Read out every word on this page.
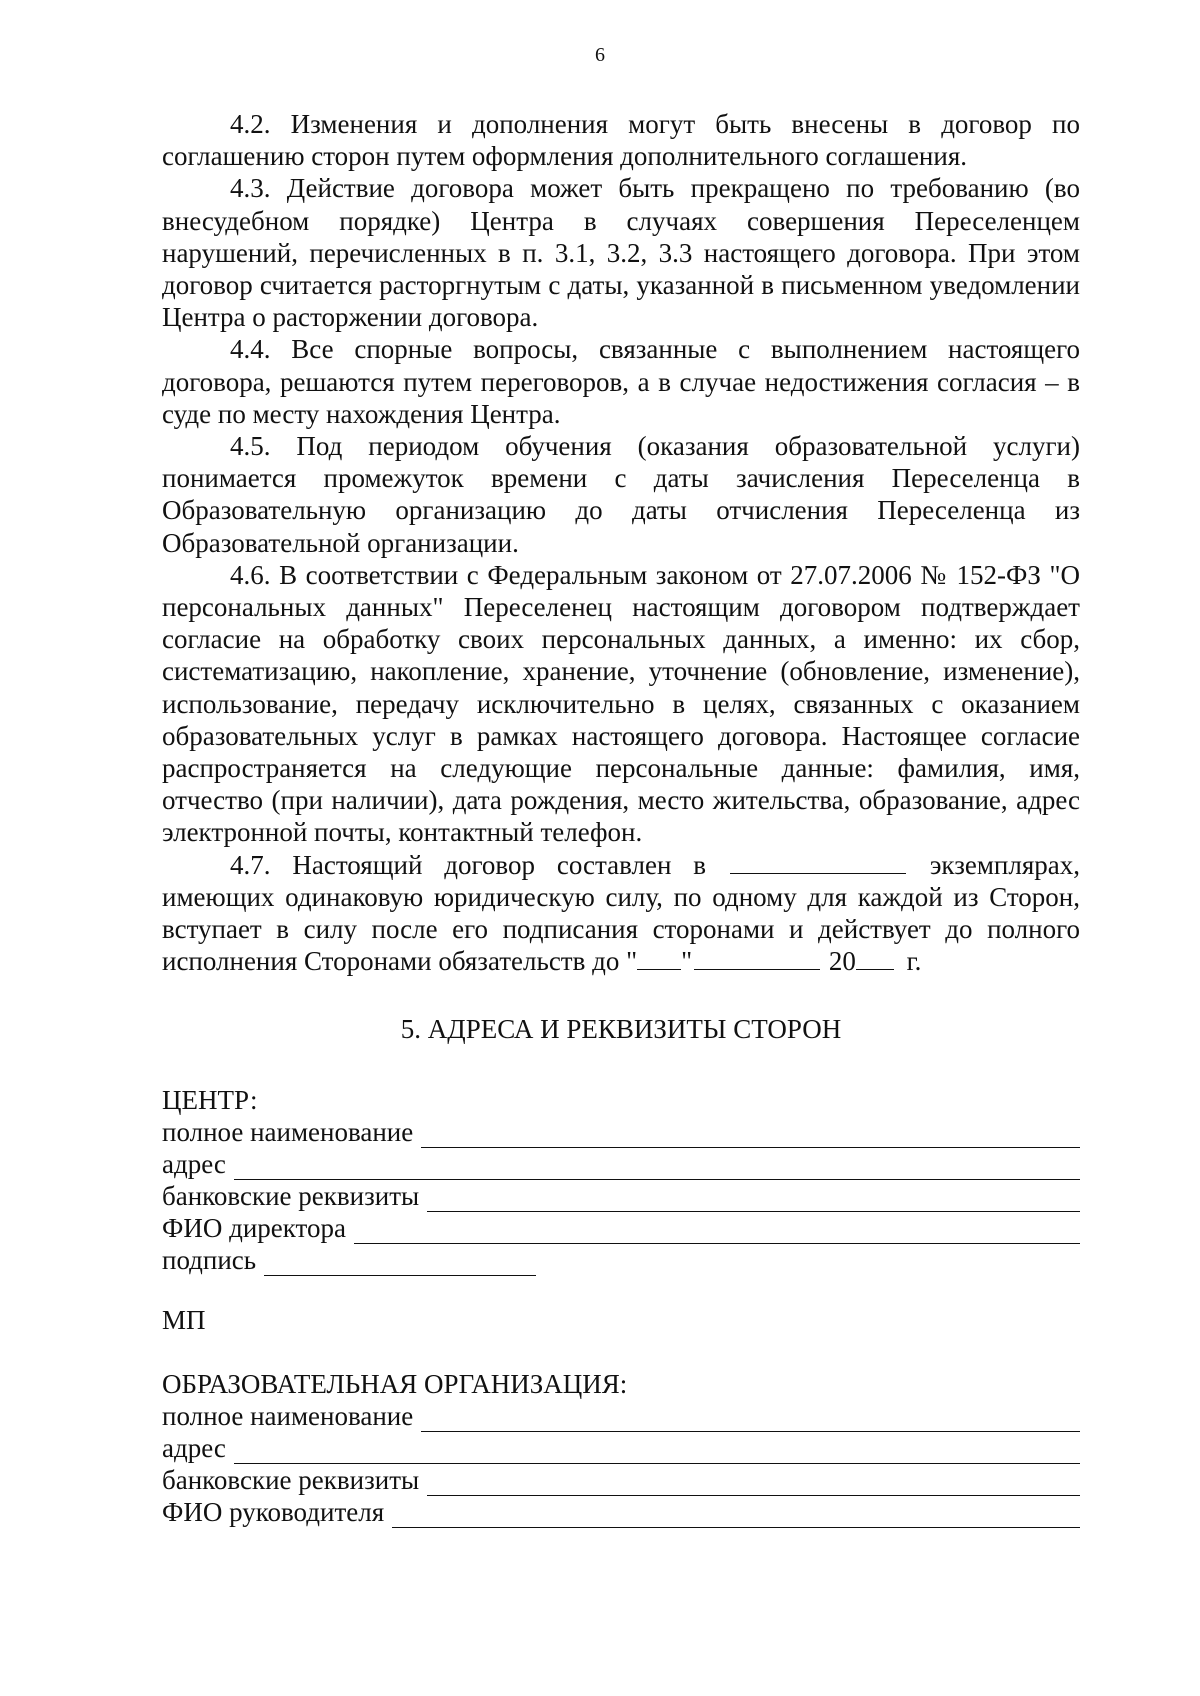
6

4.2. Изменения и дополнения могут быть внесены в договор по соглашению сторон путем оформления дополнительного соглашения.

4.3. Действие договора может быть прекращено по требованию (во внесудебном порядке) Центра в случаях совершения Переселенцем нарушений, перечисленных в п. 3.1, 3.2, 3.3 настоящего договора. При этом договор считается расторгнутым с даты, указанной в письменном уведомлении Центра о расторжении договора.

4.4. Все спорные вопросы, связанные с выполнением настоящего договора, решаются путем переговоров, а в случае недостижения согласия – в суде по месту нахождения Центра.

4.5. Под периодом обучения (оказания образовательной услуги) понимается промежуток времени с даты зачисления Переселенца в Образовательную организацию до даты отчисления Переселенца из Образовательной организации.

4.6. В соответствии с Федеральным законом от 27.07.2006 № 152-ФЗ "О персональных данных" Переселенец настоящим договором подтверждает согласие на обработку своих персональных данных, а именно: их сбор, систематизацию, накопление, хранение, уточнение (обновление, изменение), использование, передачу исключительно в целях, связанных с оказанием образовательных услуг в рамках настоящего договора. Настоящее согласие распространяется на следующие персональные данные: фамилия, имя, отчество (при наличии), дата рождения, место жительства, образование, адрес электронной почты, контактный телефон.

4.7. Настоящий договор составлен в	экземплярах, имеющих одинаковую юридическую силу, по одному для каждой из Сторон, вступает в силу после его подписания сторонами и действует до полного исполнения Сторонами обязательств до " "	20 г.

5. АДРЕСА И РЕКВИЗИТЫ СТОРОН
ЦЕНТР:
полное наименование
адрес
банковские реквизиты
ФИО директора
подпись
МП
ОБРАЗОВАТЕЛЬНАЯ ОРГАНИЗАЦИЯ:
полное наименование
адрес
банковские реквизиты
ФИО руководителя
